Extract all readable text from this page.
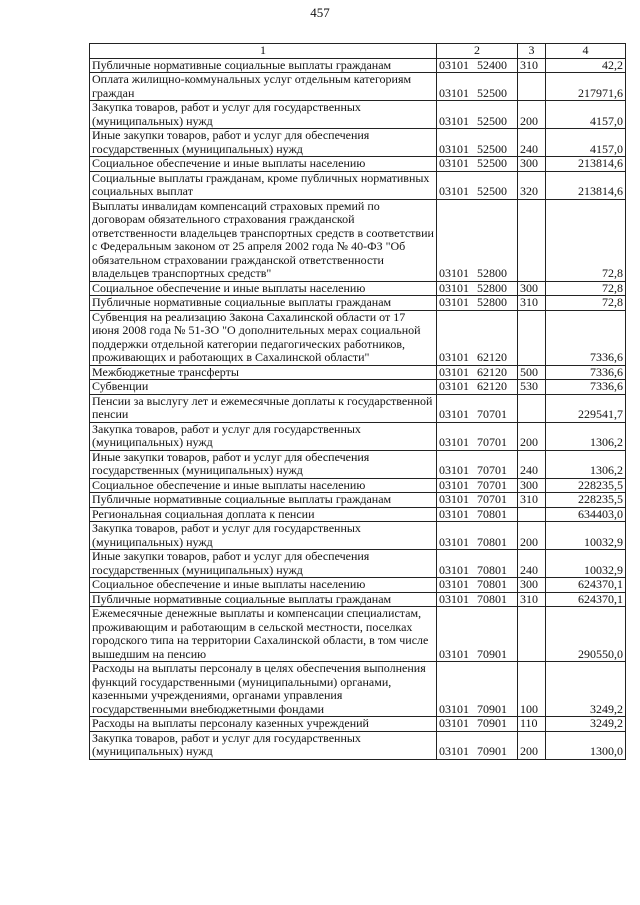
457
1	2	3	4
Публичные нормативные социальные выплаты гражданам	03101 52400	310	42,2
Оплата жилищно-коммунальных услуг отдельным категориям граждан	03101 52500		217971,6
Закупка товаров, работ и услуг для государственных (муниципальных) нужд	03101 52500	200	4157,0
Иные закупки товаров, работ и услуг для обеспечения государственных (муниципальных) нужд	03101 52500	240	4157,0
Социальное обеспечение и иные выплаты населению	03101 52500	300	213814,6
Социальные выплаты гражданам, кроме публичных нормативных социальных выплат	03101 52500	320	213814,6
Выплаты инвалидам компенсаций страховых премий по договорам обязательного страхования гражданской ответственности владельцев транспортных средств в соответствии с Федеральным законом от 25 апреля 2002 года № 40-ФЗ "Об обязательном страховании гражданской ответственности владельцев транспортных средств"	03101 52800		72,8
Социальное обеспечение и иные выплаты населению	03101 52800	300	72,8
Публичные нормативные социальные выплаты гражданам	03101 52800	310	72,8
Субвенция на реализацию Закона Сахалинской области от 17 июня 2008 года № 51-ЗО "О дополнительных мерах социальной поддержки отдельной категории педагогических работников, проживающих и работающих в Сахалинской области"	03101 62120		7336,6
Межбюджетные трансферты	03101 62120	500	7336,6
Субвенции	03101 62120	530	7336,6
Пенсии за выслугу лет и ежемесячные доплаты к государственной пенсии	03101 70701		229541,7
Закупка товаров, работ и услуг для государственных (муниципальных) нужд	03101 70701	200	1306,2
Иные закупки товаров, работ и услуг для обеспечения государственных (муниципальных) нужд	03101 70701	240	1306,2
Социальное обеспечение и иные выплаты населению	03101 70701	300	228235,5
Публичные нормативные социальные выплаты гражданам	03101 70701	310	228235,5
Региональная социальная доплата к пенсии	03101 70801		634403,0
Закупка товаров, работ и услуг для государственных (муниципальных) нужд	03101 70801	200	10032,9
Иные закупки товаров, работ и услуг для обеспечения государственных (муниципальных) нужд	03101 70801	240	10032,9
Социальное обеспечение и иные выплаты населению	03101 70801	300	624370,1
Публичные нормативные социальные выплаты гражданам	03101 70801	310	624370,1
Ежемесячные денежные выплаты и компенсации специалистам, проживающим и работающим в сельской местности, поселках городского типа на территории Сахалинской области, в том числе вышедшим на пенсию	03101 70901		290550,0
Расходы на выплаты персоналу в целях обеспечения выполнения функций государственными (муниципальными) органами, казенными учреждениями, органами управления государственными внебюджетными фондами	03101 70901	100	3249,2
Расходы на выплаты персоналу казенных учреждений	03101 70901	110	3249,2
Закупка товаров, работ и услуг для государственных (муниципальных) нужд	03101 70901	200	1300,0
